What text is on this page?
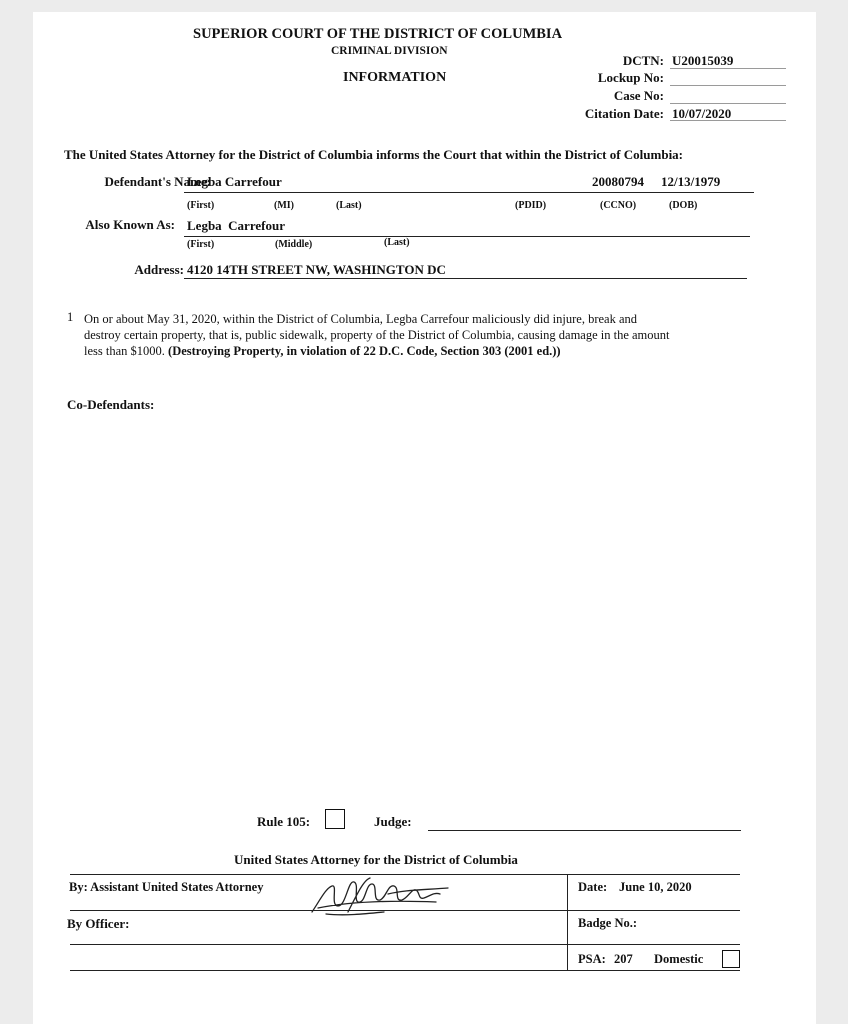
SUPERIOR COURT OF THE DISTRICT OF COLUMBIA
CRIMINAL DIVISION
INFORMATION
DCTN: U20015039
Lockup No:
Case No:
Citation Date: 10/07/2020
The United States Attorney for the District of Columbia informs the Court that within the District of Columbia:
Defendant's Name:
Legba Carrefour	20080794 12/13/1979
(First)	(MI)	(Last)	(PDID)	(CCNO)	(DOB)
Also Known As: Legba  Carrefour
(First)	(Middle)	(Last)
Address: 4120 14TH STREET NW, WASHINGTON DC
1 On or about May 31, 2020, within the District of Columbia, Legba Carrefour maliciously did injure, break and
destroy certain property, that is, public sidewalk, property of the District of Columbia, causing damage in the amount
less than $1000. (Destroying Property, in violation of 22 D.C. Code, Section 303 (2001 ed.))
Co-Defendants:
Rule 105:	Judge:
United States Attorney for the District of Columbia
By: Assistant United States Attorney	Date: June 10, 2020
By Officer:	Badge No.:
PSA: 207 Domestic
